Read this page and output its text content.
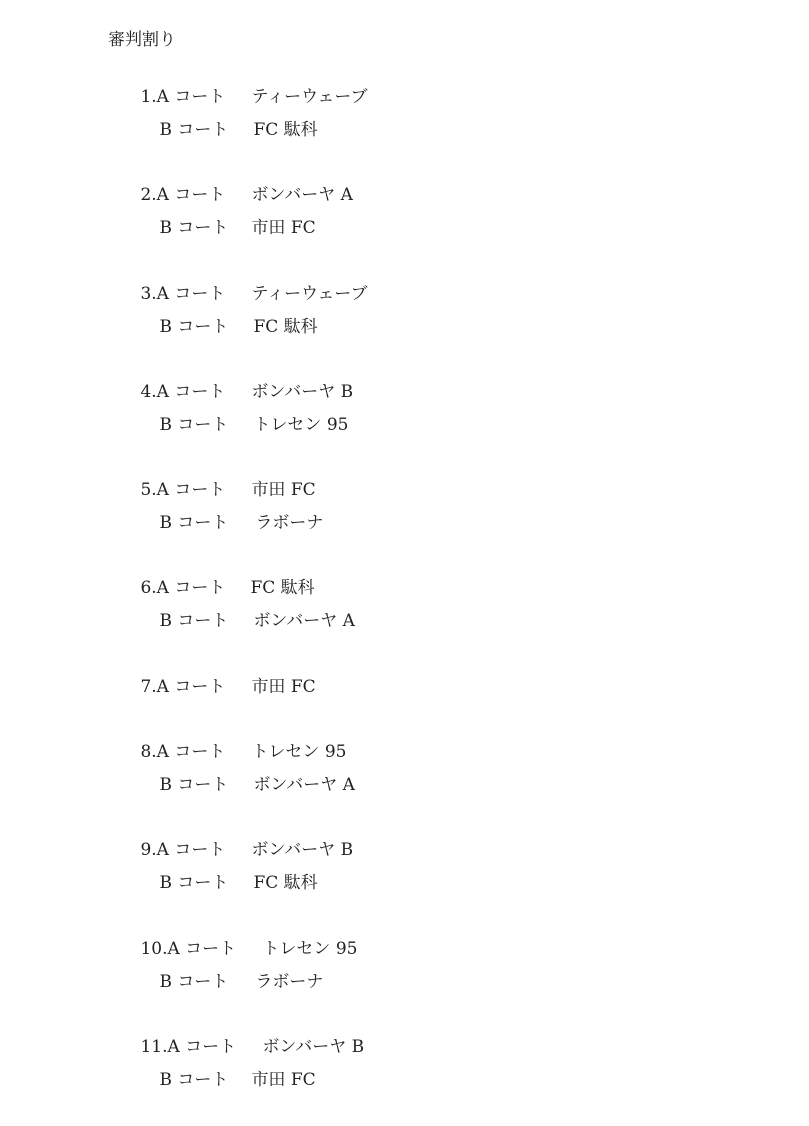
審判割り

1.A コート ティーウェーブ

B コート FC 駄科

2.A コート ボンバーヤ A

B コート 市田 FC

3.A コート ティーウェーブ

B コート FC 駄科

4.A コート ボンバーヤ B

B コート トレセン 95

5.A コート 市田 FC

B コート ラボーナ

6.A コート FC 駄科

B コート ボンバーヤ A

7.A コート 市田 FC

8.A コート トレセン 95

B コート ボンバーヤ A

9.A コート ボンバーヤ B

B コート FC 駄科

10.A コート トレセン 95

B コート ラボーナ

11.A コート ボンバーヤ B

B コート 市田 FC
